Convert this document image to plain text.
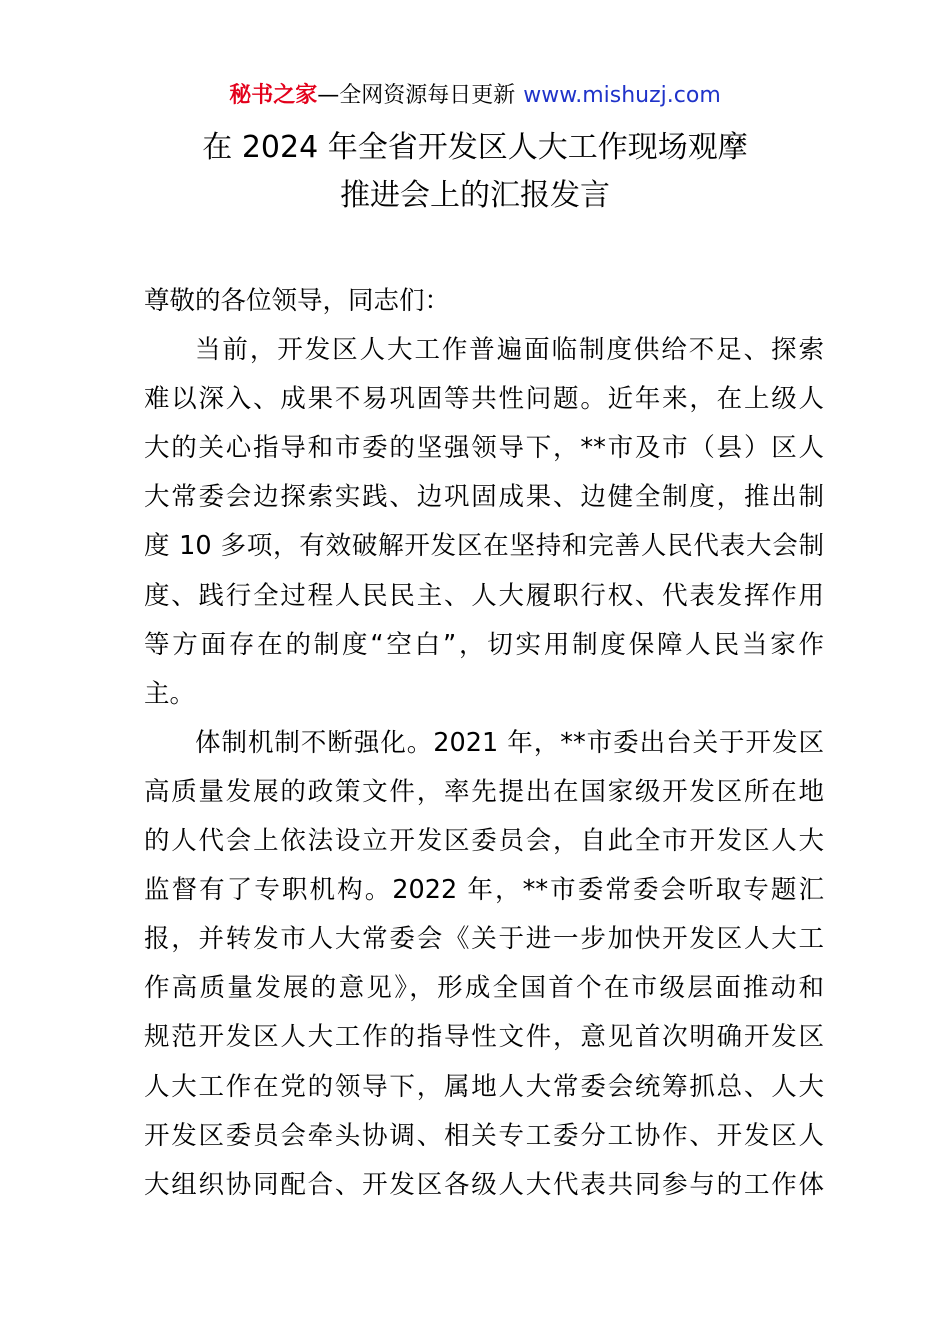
秘书之家—全网资源每日更新 www.mishuzj.com
在 2024 年全省开发区人大工作现场观摩
推进会上的汇报发言
尊敬的各位领导，同志们：
当前，开发区人大工作普遍面临制度供给不足、探索
难以深入、成果不易巩固等共性问题。近年来，在上级人
大的关心指导和市委的坚强领导下，**市及市（县）区人
大常委会边探索实践、边巩固成果、边健全制度，推出制
度 10 多项，有效破解开发区在坚持和完善人民代表大会制
度、践行全过程人民民主、人大履职行权、代表发挥作用
等方面存在的制度“空白”，切实用制度保障人民当家作
主。
体制机制不断强化。2021 年，**市委出台关于开发区
高质量发展的政策文件，率先提出在国家级开发区所在地
的人代会上依法设立开发区委员会，自此全市开发区人大
监督有了专职机构。2022 年，**市委常委会听取专题汇
报，并转发市人大常委会《关于进一步加快开发区人大工
作高质量发展的意见》，形成全国首个在市级层面推动和
规范开发区人大工作的指导性文件，意见首次明确开发区
人大工作在党的领导下，属地人大常委会统筹抓总、人大
开发区委员会牵头协调、相关专工委分工协作、开发区人
大组织协同配合、开发区各级人大代表共同参与的工作体
